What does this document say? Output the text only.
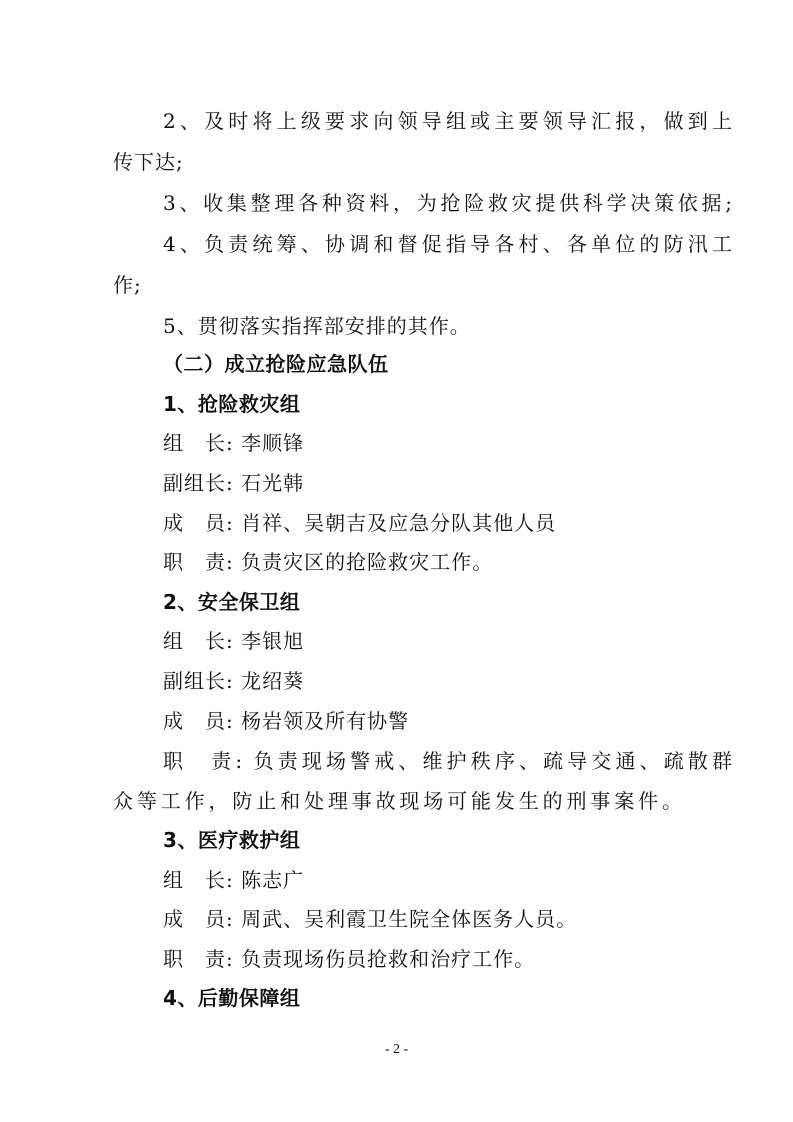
2、及时将上级要求向领导组或主要领导汇报，做到上
传下达;
3、收集整理各种资料，为抢险救灾提供科学决策依据;
4、负责统筹、协调和督促指导各村、各单位的防汛工
作;
5、贯彻落实指挥部安排的其作。
（二）成立抢险应急队伍
1、抢险救灾组
组　长: 李顺锋
副组长: 石光韩
成　员: 肖祥、吴朝吉及应急分队其他人员
职　责: 负责灾区的抢险救灾工作。
2、安全保卫组
组　长: 李银旭
副组长: 龙绍葵
成　员: 杨岩领及所有协警
职　责: 负责现场警戒、维护秩序、疏导交通、疏散群
众等工作，防止和处理事故现场可能发生的刑事案件。
3、医疗救护组
组　长: 陈志广
成　员: 周武、吴利霞卫生院全体医务人员。
职　责: 负责现场伤员抢救和治疗工作。
4、后勤保障组
- 2 -
